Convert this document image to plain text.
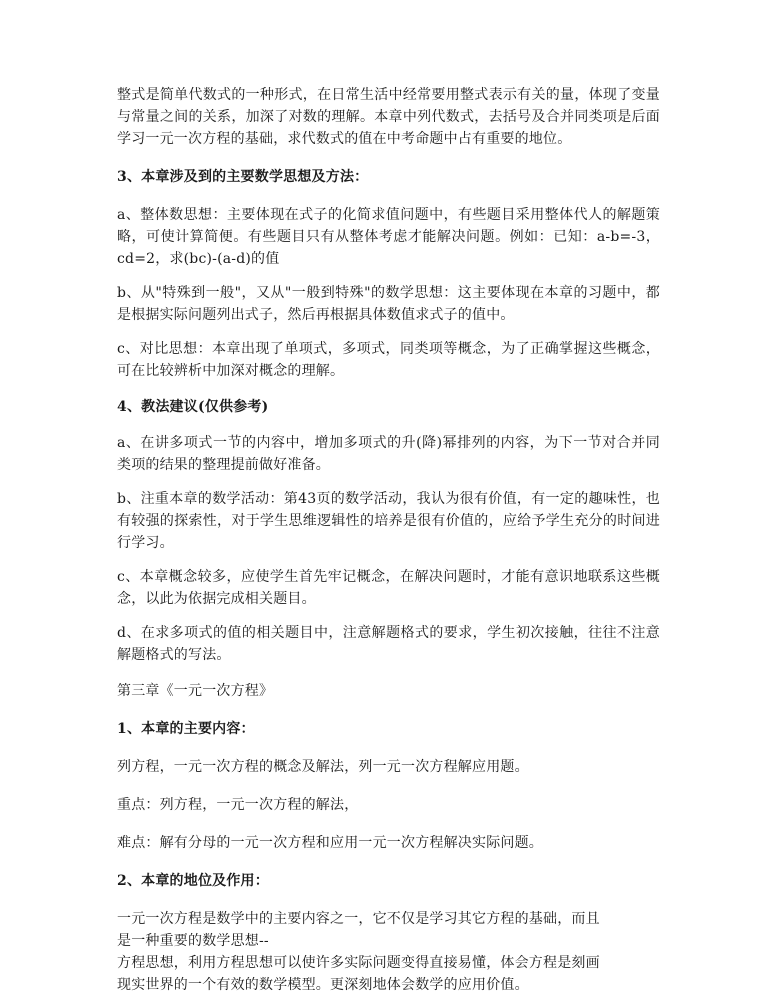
整式是简单代数式的一种形式，在日常生活中经常要用整式表示有关的量，体现了变量与常量之间的关系，加深了对数的理解。本章中列代数式，去括号及合并同类项是后面学习一元一次方程的基础，求代数式的值在中考命题中占有重要的地位。

3、本章涉及到的主要数学思想及方法：

a、整体数思想：主要体现在式子的化简求值问题中，有些题目采用整体代人的解题策略，可使计算简便。有些题目只有从整体考虑才能解决问题。例如：已知：a-b=-3，cd=2，求(bc)-(a-d)的值

b、从"特殊到一般"，又从"一般到特殊"的数学思想：这主要体现在本章的习题中，都是根据实际问题列出式子，然后再根据具体数值求式子的值中。

c、对比思想：本章出现了单项式，多项式，同类项等概念，为了正确掌握这些概念，可在比较辨析中加深对概念的理解。

4、教法建议(仅供参考)

a、在讲多项式一节的内容中，增加多项式的升(降)幂排列的内容，为下一节对合并同类项的结果的整理提前做好准备。

b、注重本章的数学活动：第43页的数学活动，我认为很有价值，有一定的趣味性，也有较强的探索性，对于学生思维逻辑性的培养是很有价值的，应给予学生充分的时间进行学习。

c、本章概念较多，应使学生首先牢记概念，在解决问题时，才能有意识地联系这些概念，以此为依据完成相关题目。

d、在求多项式的值的相关题目中，注意解题格式的要求，学生初次接触，往往不注意解题格式的写法。

第三章《一元一次方程》

1、本章的主要内容：

列方程，一元一次方程的概念及解法，列一元一次方程解应用题。

重点：列方程，一元一次方程的解法，

难点：解有分母的一元一次方程和应用一元一次方程解决实际问题。

2、本章的地位及作用：

一元一次方程是数学中的主要内容之一，它不仅是学习其它方程的基础，而且
是一种重要的数学思想--
方程思想，利用方程思想可以使许多实际问题变得直接易懂，体会方程是刻画
现实世界的一个有效的数学模型。更深刻地体会数学的应用价值。
